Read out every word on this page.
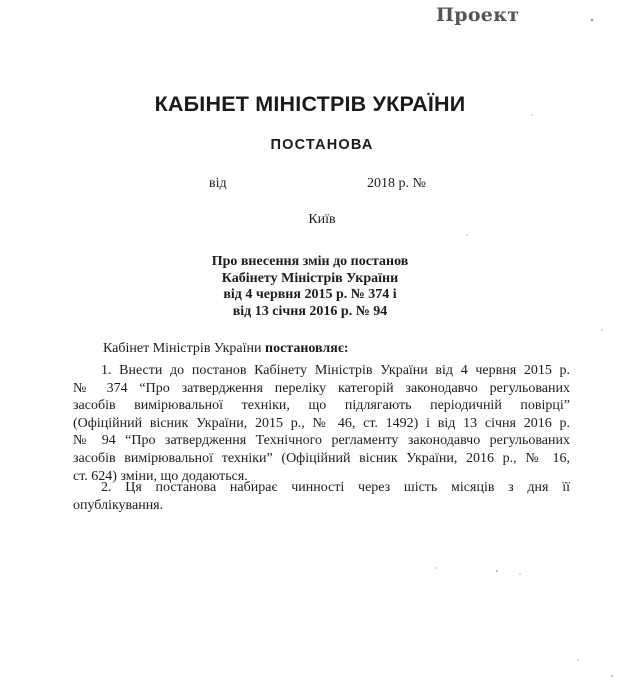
Проект
КАБІНЕТ МІНІСТРІВ УКРАЇНИ
ПОСТАНОВА
від	2018 р. №
Київ
Про внесення змін до постанов
Кабінету Міністрів України
від 4 червня 2015 р. № 374 і
від 13 січня 2016 р. № 94
Кабінет Міністрів України постановляє:
1. Внести до постанов Кабінету Міністрів України від 4 червня 2015 р.
№ 374 “Про затвердження переліку категорій законодавчо регульованих
засобів вимірювальної техніки, що підлягають періодичній повірці”
(Офіційний вісник України, 2015 р., № 46, ст. 1492) і від 13 січня 2016 р.
№ 94 “Про затвердження Технічного регламенту законодавчо регульованих
засобів вимірювальної техніки” (Офіційний вісник України, 2016 р., № 16,
ст. 624) зміни, що додаються.
2. Ця постанова набирає чинності через шість місяців з дня її
опублікування.
